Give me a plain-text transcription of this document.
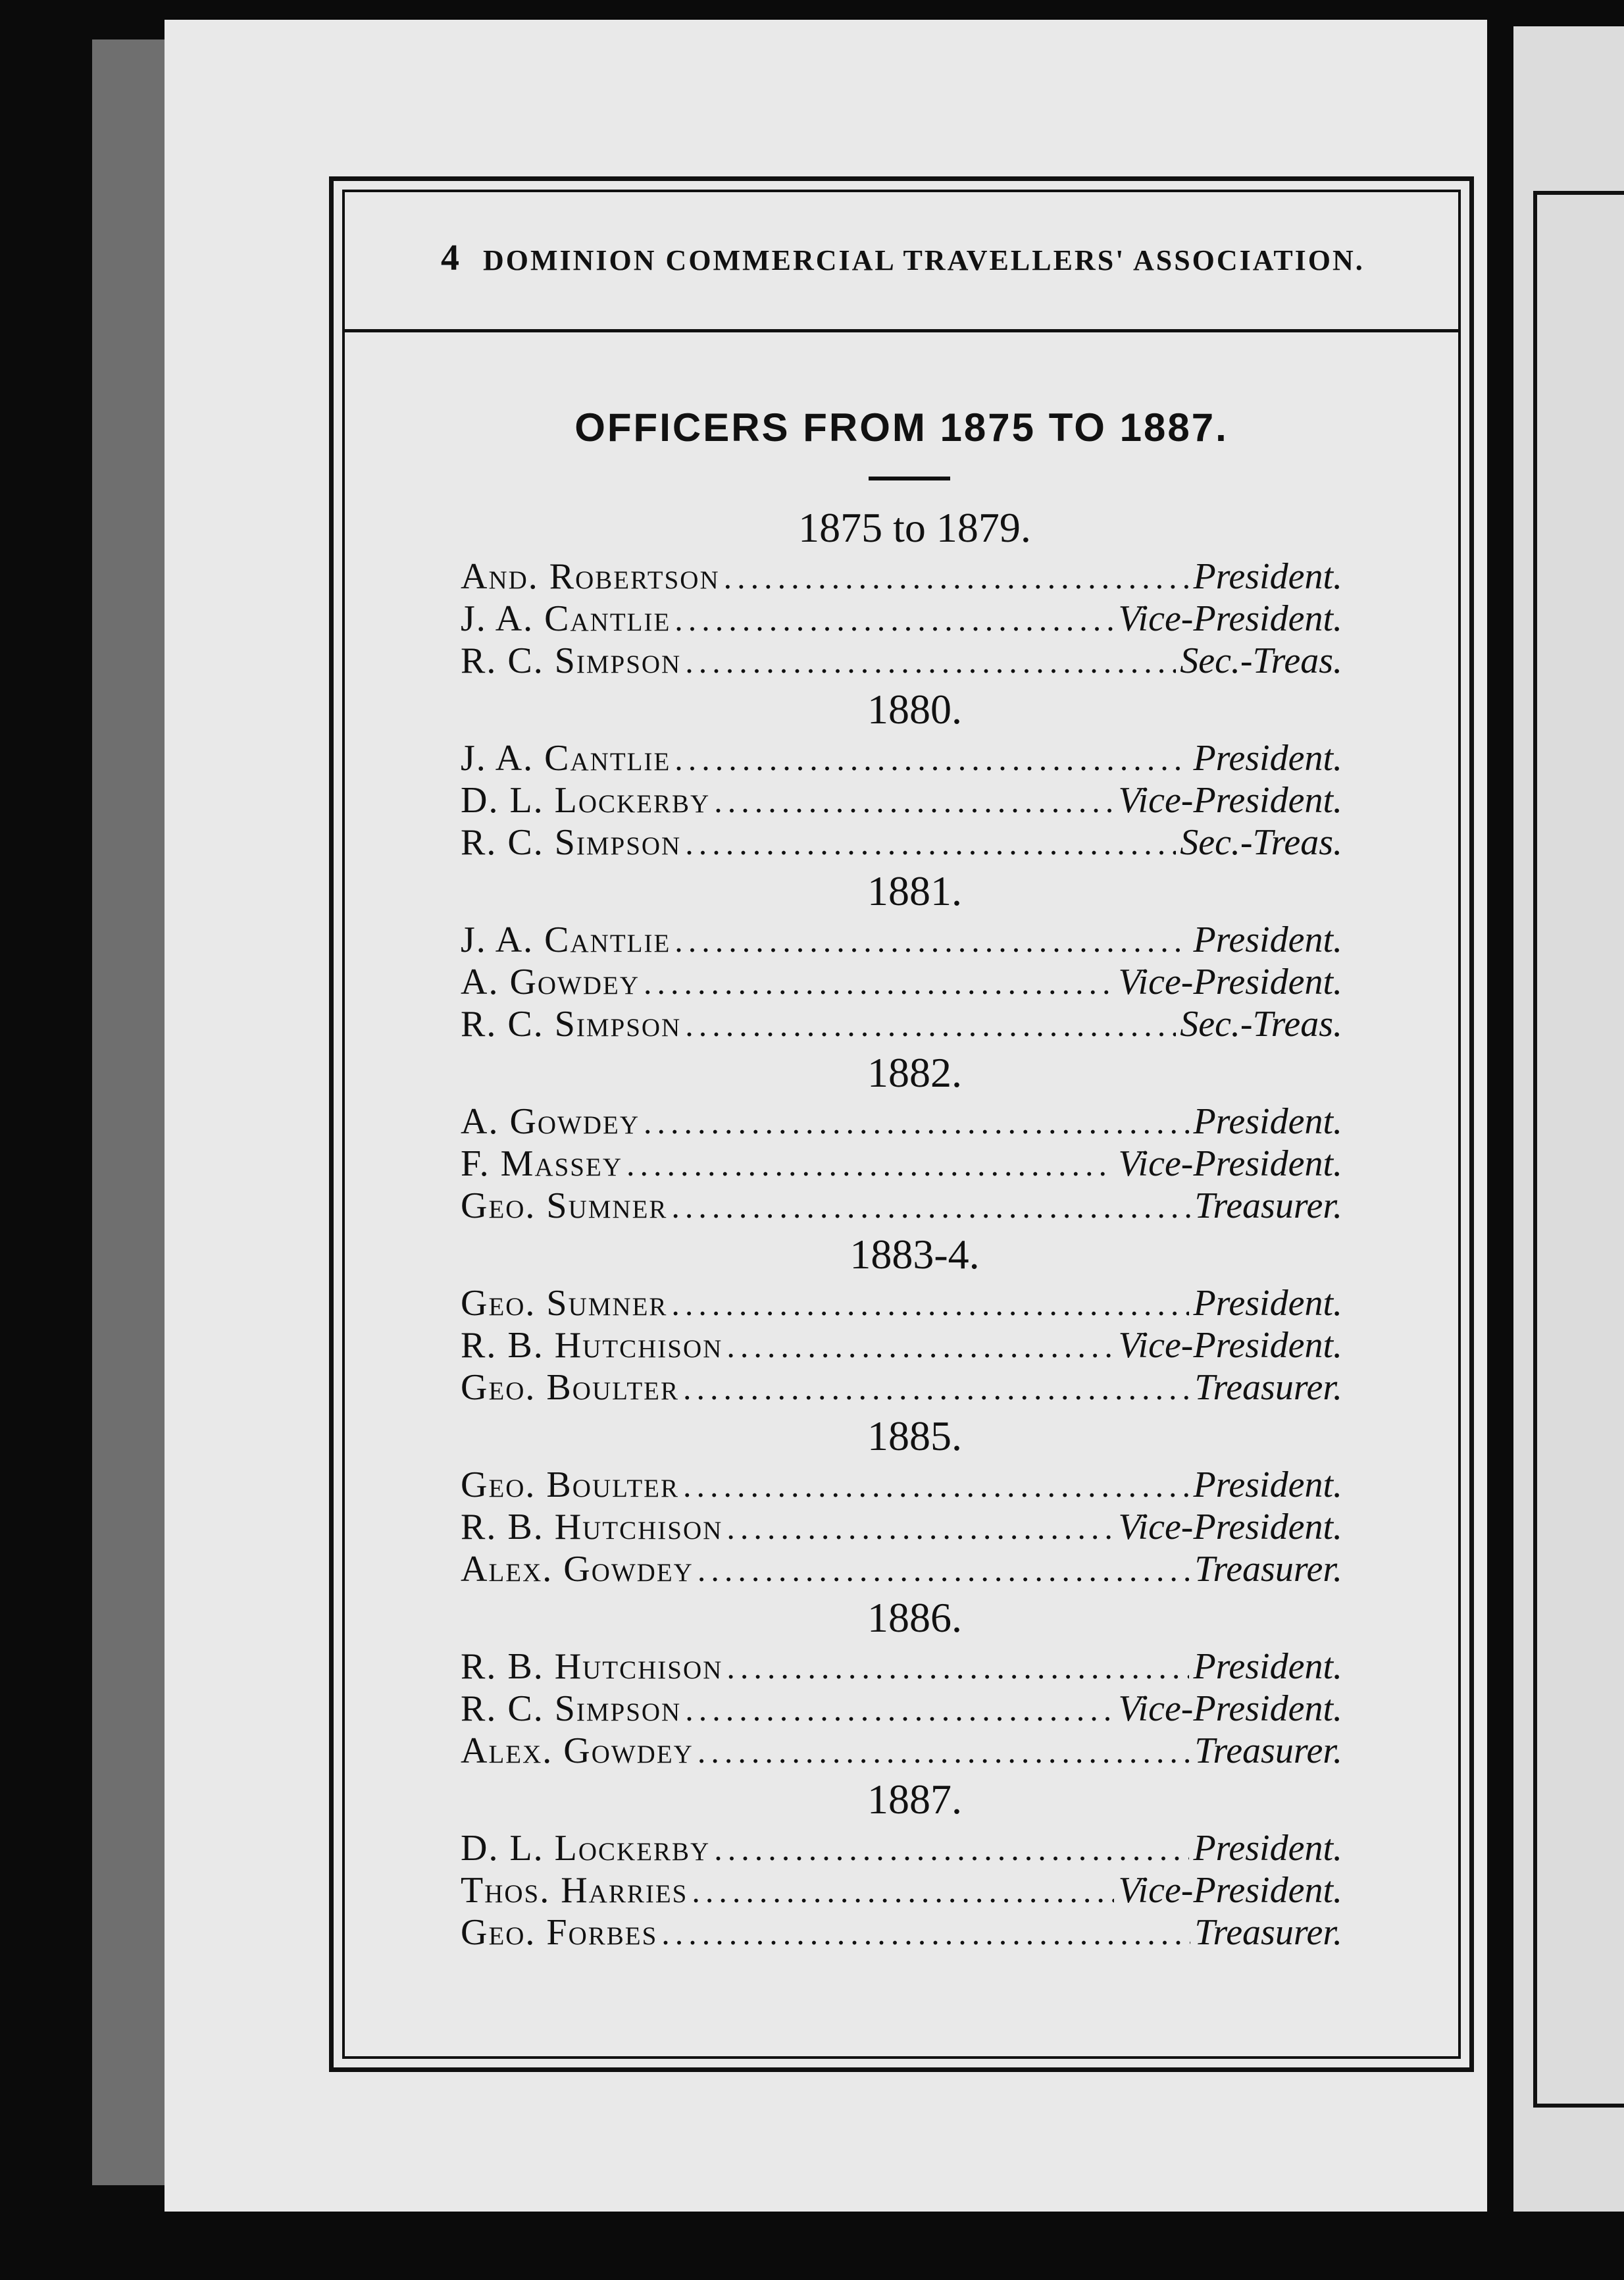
4 DOMINION COMMERCIAL TRAVELLERS' ASSOCIATION.
OFFICERS FROM 1875 TO 1887.
1875 to 1879.
And. Robertson .....	President.
J. A. Cantlie .....	Vice-President.
R. C. Simpson .....	Sec.-Treas.
1880.
J. A. Cantlie .....	President.
D. L. Lockerby .....	Vice-President.
R. C. Simpson .....	Sec.-Treas.
1881.
J. A. Cantlie .....	President.
A. Gowdey .....	Vice-President.
R. C. Simpson .....	Sec.-Treas.
1882.
A. Gowdey .....	President.
F. Massey .....	Vice-President.
Geo. Sumner .....	Treasurer.
1883-4.
Geo. Sumner .....	President.
R. B. Hutchison .....	Vice-President.
Geo. Boulter .....	Treasurer.
1885.
Geo. Boulter .....	President.
R. B. Hutchison .....	Vice-President.
Alex. Gowdey .....	Treasurer.
1886.
R. B. Hutchison .....	President.
R. C. Simpson .....	Vice-President.
Alex. Gowdey .....	Treasurer.
1887.
D. L. Lockerby .....	President.
Thos. Harries .....	Vice-President.
Geo. Forbes .....	Treasurer.
